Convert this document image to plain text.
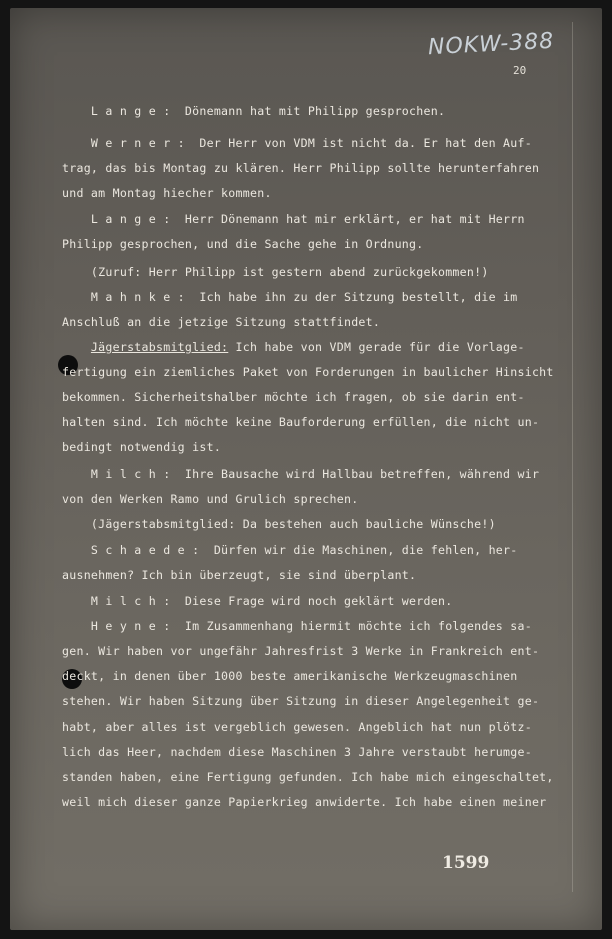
NOKW-388
20
L a n g e :  Dönemann hat mit Philipp gesprochen.
W e r n e r :  Der Herr von VDM ist nicht da. Er hat den Auf-
trag, das bis Montag zu klären. Herr Philipp sollte herunterfahren
und am Montag hiecher kommen.
L a n g e :  Herr Dönemann hat mir erklärt, er hat mit Herrn
Philipp gesprochen, und die Sache gehe in Ordnung.
(Zuruf: Herr Philipp ist gestern abend zurückgekommen!)
M a h n k e :  Ich habe ihn zu der Sitzung bestellt, die im
Anschluß an die jetzige Sitzung stattfindet.
Jägerstabsmitglied: Ich habe von VDM gerade für die Vorlage-
fertigung ein ziemliches Paket von Forderungen in baulicher Hinsicht
bekommen. Sicherheitshalber möchte ich fragen, ob sie darin ent-
halten sind. Ich möchte keine Bauforderung erfüllen, die nicht un-
bedingt notwendig ist.
M i l c h :  Ihre Bausache wird Hallbau betreffen, während wir
von den Werken Ramo und Grulich sprechen.
(Jägerstabsmitglied: Da bestehen auch bauliche Wünsche!)
S c h a e d e :  Dürfen wir die Maschinen, die fehlen, her-
ausnehmen? Ich bin überzeugt, sie sind überplant.
M i l c h :  Diese Frage wird noch geklärt werden.
H e y n e :  Im Zusammenhang hiermit möchte ich folgendes sa-
gen. Wir haben vor ungefähr Jahresfrist 3 Werke in Frankreich ent-
deckt, in denen über 1000 beste amerikanische Werkzeugmaschinen
stehen. Wir haben Sitzung über Sitzung in dieser Angelegenheit ge-
habt, aber alles ist vergeblich gewesen. Angeblich hat nun plötz-
lich das Heer, nachdem diese Maschinen 3 Jahre verstaubt herumge-
standen haben, eine Fertigung gefunden. Ich habe mich eingeschaltet,
weil mich dieser ganze Papierkrieg anwiderte. Ich habe einen meiner
1599
